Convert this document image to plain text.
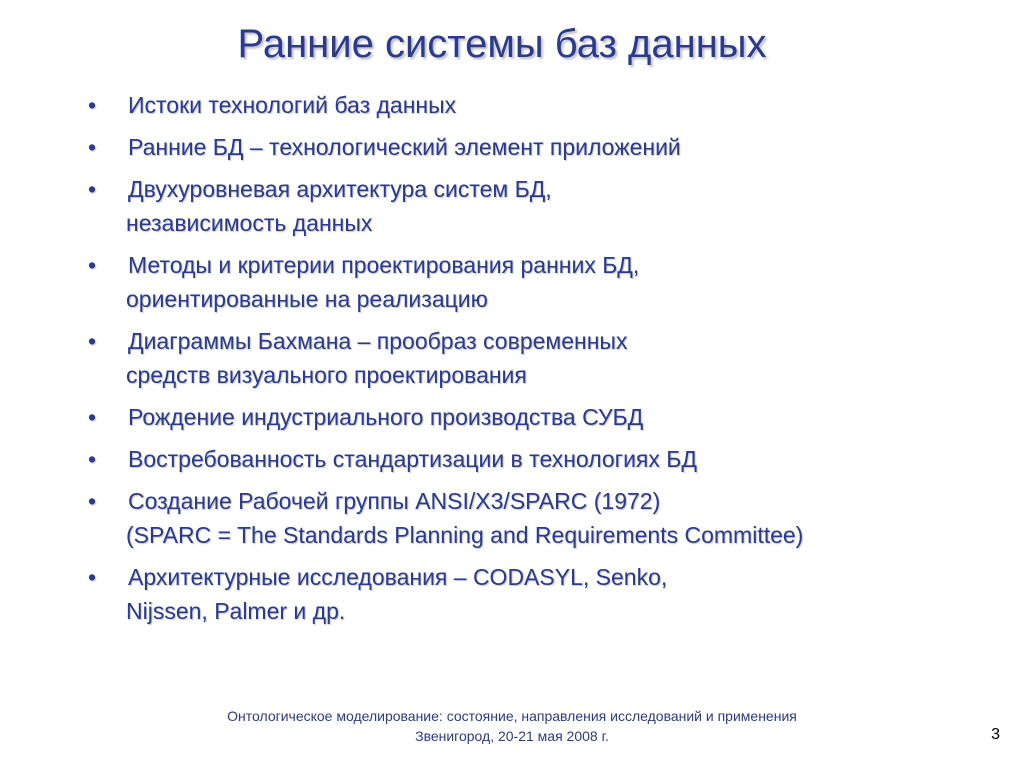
Ранние системы баз данных
• Истоки технологий баз данных
• Ранние БД – технологический элемент приложений
• Двухуровневая архитектура систем БД,
независимость данных
• Методы и критерии проектирования ранних БД,
ориентированные на реализацию
• Диаграммы Бахмана – прообраз современных
средств визуального проектирования
• Рождение индустриального производства СУБД
• Востребованность стандартизации в технологиях БД
• Создание Рабочей группы ANSI/X3/SPARC (1972)
(SPARC = The Standards Planning and Requirements Committee)
• Архитектурные исследования – CODASYL, Senko,
Nijssen, Palmer и др.
Онтологическое моделирование: состояние, направления исследований и применения
Звенигород, 20-21 мая 2008 г.	3
